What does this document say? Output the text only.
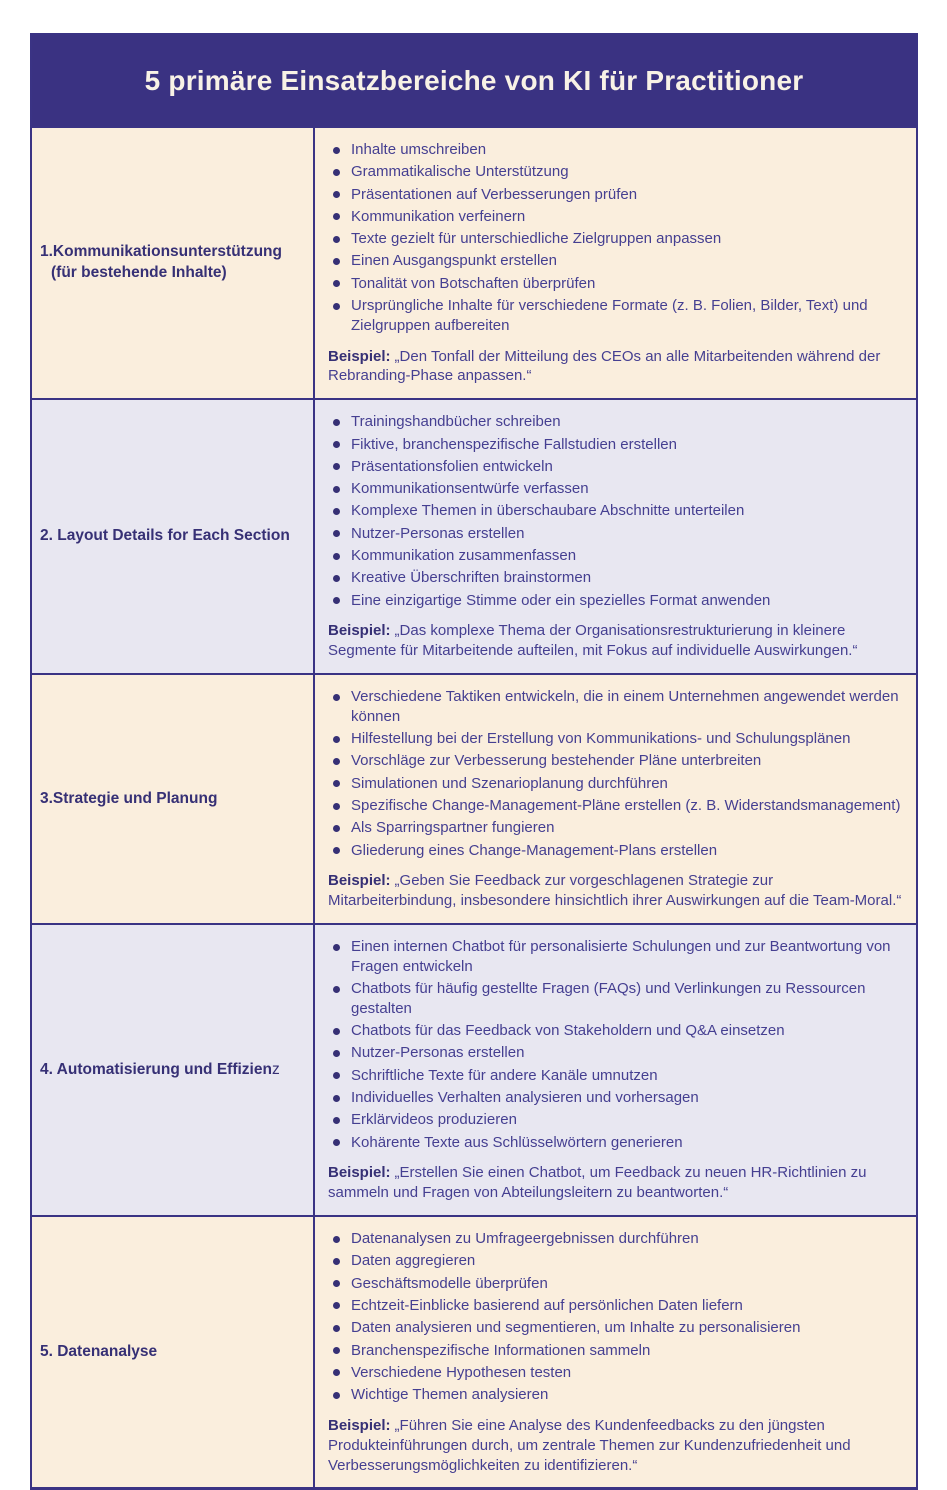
5 primäre Einsatzbereiche von KI für Practitioner
1.Kommunikationsunterstützung
(für bestehende Inhalte)
Inhalte umschreiben
Grammatikalische Unterstützung
Präsentationen auf Verbesserungen prüfen
Kommunikation verfeinern
Texte gezielt für unterschiedliche Zielgruppen anpassen
Einen Ausgangspunkt erstellen
Tonalität von Botschaften überprüfen
Ursprüngliche Inhalte für verschiedene Formate (z. B. Folien, Bilder, Text) und Zielgruppen aufbereiten

Beispiel: „Den Tonfall der Mitteilung des CEOs an alle Mitarbeitenden während der Rebranding-Phase anpassen.“

2. Layout Details for Each Section
Trainingshandbücher schreiben
Fiktive, branchenspezifische Fallstudien erstellen
Präsentationsfolien entwickeln
Kommunikationsentwürfe verfassen
Komplexe Themen in überschaubare Abschnitte unterteilen
Nutzer-Personas erstellen
Kommunikation zusammenfassen
Kreative Überschriften brainstormen
Eine einzigartige Stimme oder ein spezielles Format anwenden

Beispiel: „Das komplexe Thema der Organisationsrestrukturierung in kleinere Segmente für Mitarbeitende aufteilen, mit Fokus auf individuelle Auswirkungen.“

3.Strategie und Planung
Verschiedene Taktiken entwickeln, die in einem Unternehmen angewendet werden können
Hilfestellung bei der Erstellung von Kommunikations- und Schulungsplänen
Vorschläge zur Verbesserung bestehender Pläne unterbreiten
Simulationen und Szenarioplanung durchführen
Spezifische Change-Management-Pläne erstellen (z. B. Widerstandsmanagement)
Als Sparringspartner fungieren
Gliederung eines Change-Management-Plans erstellen

Beispiel: „Geben Sie Feedback zur vorgeschlagenen Strategie zur Mitarbeiterbindung, insbesondere hinsichtlich ihrer Auswirkungen auf die Team-Moral.“

4. Automatisierung und Effizienz
Einen internen Chatbot für personalisierte Schulungen und zur Beantwortung von Fragen entwickeln
Chatbots für häufig gestellte Fragen (FAQs) und Verlinkungen zu Ressourcen gestalten
Chatbots für das Feedback von Stakeholdern und Q&A einsetzen
Nutzer-Personas erstellen
Schriftliche Texte für andere Kanäle umnutzen
Individuelles Verhalten analysieren und vorhersagen
Erklärvideos produzieren
Kohärente Texte aus Schlüsselwörtern generieren

Beispiel: „Erstellen Sie einen Chatbot, um Feedback zu neuen HR-Richtlinien zu sammeln und Fragen von Abteilungsleitern zu beantworten.“

5. Datenanalyse
Datenanalysen zu Umfrageergebnissen durchführen
Daten aggregieren
Geschäftsmodelle überprüfen
Echtzeit-Einblicke basierend auf persönlichen Daten liefern
Daten analysieren und segmentieren, um Inhalte zu personalisieren
Branchenspezifische Informationen sammeln
Verschiedene Hypothesen testen
Wichtige Themen analysieren

Beispiel: „Führen Sie eine Analyse des Kundenfeedbacks zu den jüngsten Produkteinführungen durch, um zentrale Themen zur Kundenzufriedenheit und Verbesserungsmöglichkeiten zu identifizieren.“
